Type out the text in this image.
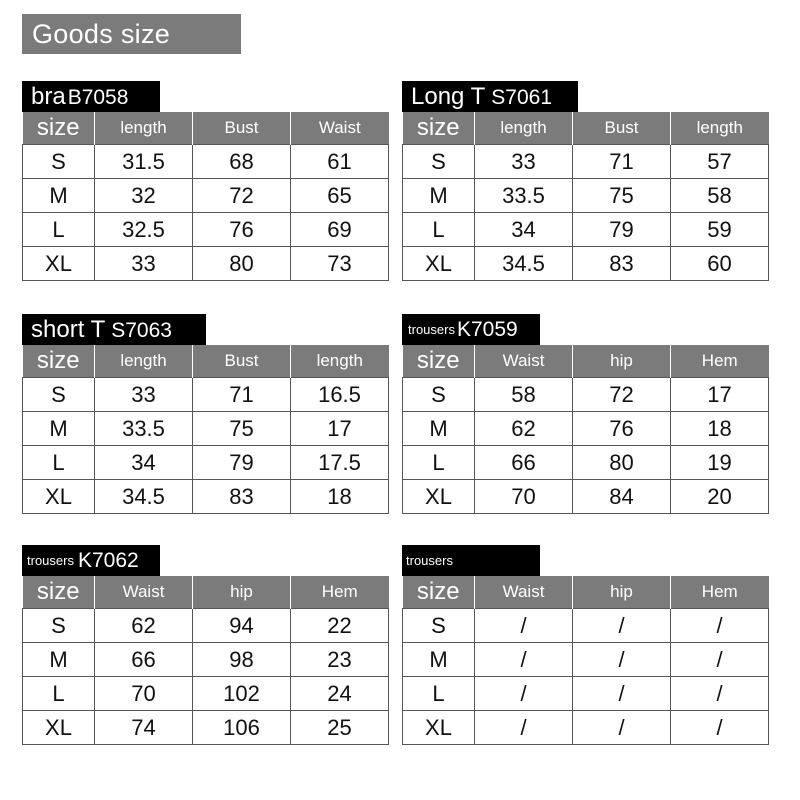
Goods size
braB7058
size	length	Bust	Waist
S	31.5	68	61
M	32	72	65
L	32.5	76	69
XL	33	80	73
Long T S7061
size	length	Bust	length
S	33	71	57
M	33.5	75	58
L	34	79	59
XL	34.5	83	60
short T S7063
size	length	Bust	length
S	33	71	16.5
M	33.5	75	17
L	34	79	17.5
XL	34.5	83	18
$^{trousers}$K7059
size	Waist	hip	Hem
S	58	72	17
M	62	76	18
L	66	80	19
XL	70	84	20
$^{trousers}$ K7062
size	Waist	hip	Hem
S	62	94	22
M	66	98	23
L	70	102	24
XL	74	106	25
$^{trousers}$
size	Waist	hip	Hem
S	/	/	/
M	/	/	/
L	/	/	/
XL	/	/	/
